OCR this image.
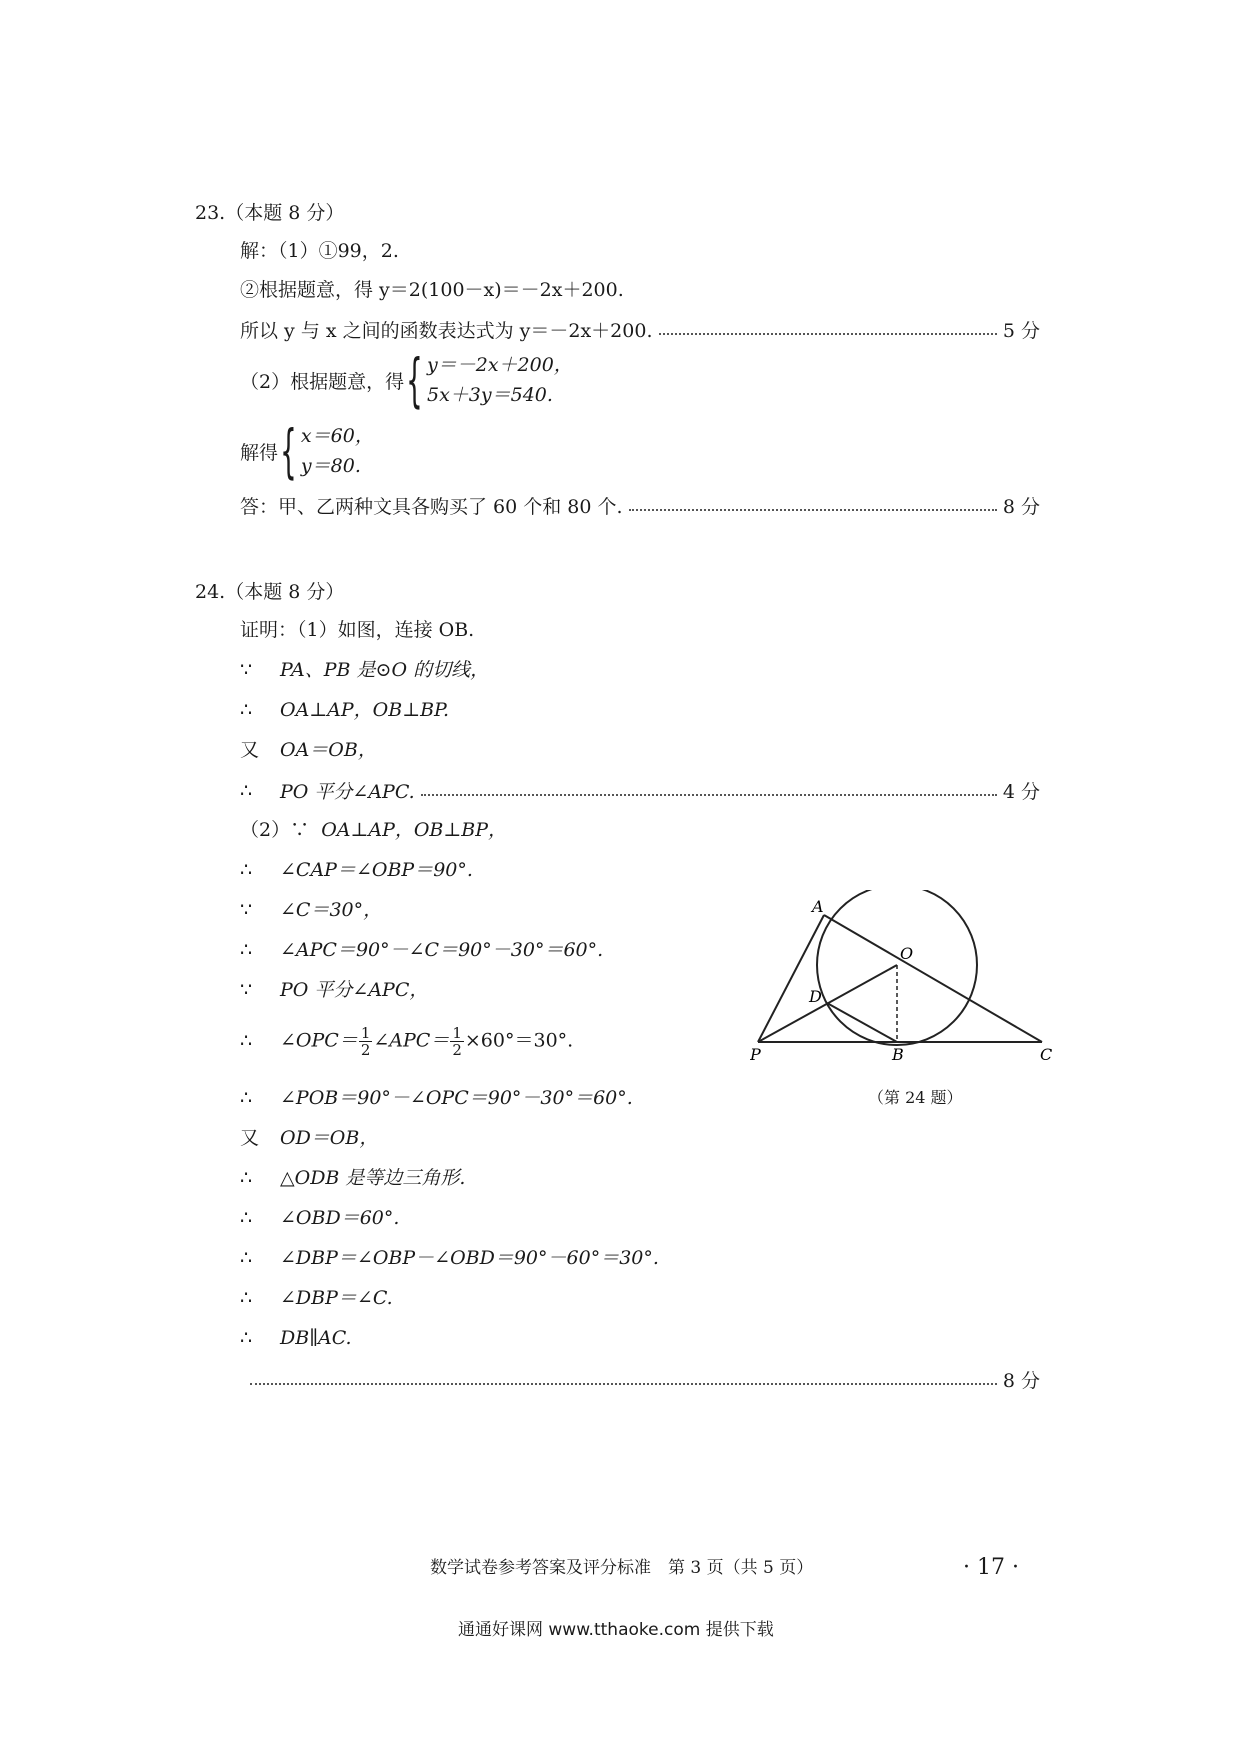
23.（本题 8 分）
解：（1）①99，2.
②根据题意，得 y＝2(100－x)＝－2x＋200.
所以 y 与 x 之间的函数表达式为 y＝－2x＋200.	5 分
（2）根据题意，得 { y＝－2x＋200，
5x＋3y＝540.
解得 { x＝60，
y＝80.
答：甲、乙两种文具各购买了 60 个和 80 个.	8 分
24.（本题 8 分）
证明：（1）如图，连接 OB.
∵ PA、PB 是⊙O 的切线，
∴ OA⊥AP，OB⊥BP.
又 OA＝OB，
∴	PO 平分∠APC.	4 分
（2）∵ OA⊥AP，OB⊥BP，
∴ ∠CAP＝∠OBP＝90°.
∵ ∠C＝30°，
∴ ∠APC＝90°－∠C＝90°－30°＝60°.
∵ PO 平分∠APC，
∴ ∠OPC＝ $\frac{1}{2}$ ∠APC＝ $\frac{1}{2} \times 60^\circ=30^\circ$.
∴ ∠POB＝90°－∠OPC＝90°－30°＝60°.
又 OD＝OB，
∴ △ODB 是等边三角形.
∴ ∠OBD＝60°.
∴ ∠DBP＝∠OBP－∠OBD＝90°－60°＝30°.
∴ ∠DBP＝∠C.
∴ DB∥AC.
8 分
A
O
D
P	B	C
（第 24 题）
数学试卷参考答案及评分标准　第 3 页（共 5 页）	· 17 ·
通通好课网 www.tthaoke.com 提供下载
